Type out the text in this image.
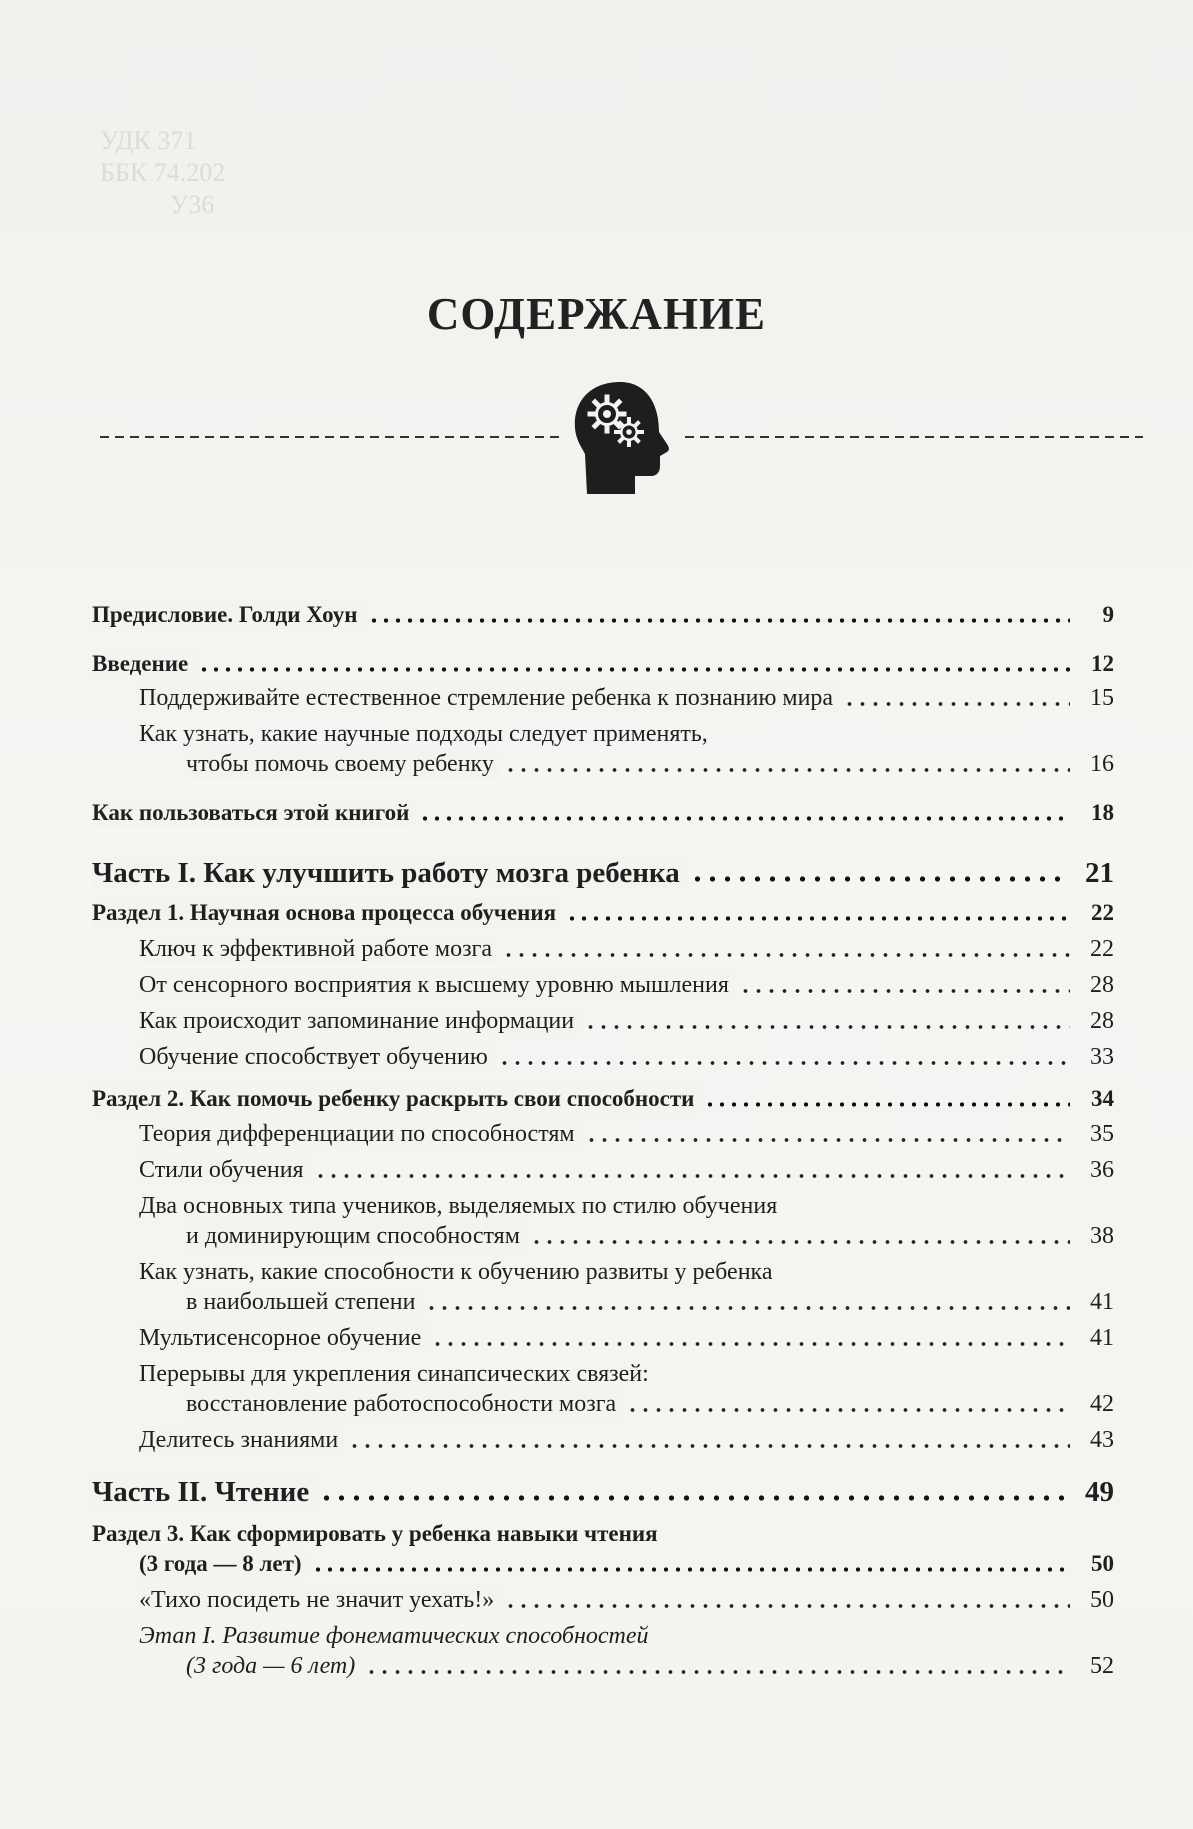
УДК 371
ББК 74.202
У36
СОДЕРЖАНИЕ
Предисловие. Голди Хоун	9
Введение	12
Поддерживайте естественное стремление ребенка к познанию мира	15
Как узнать, какие научные подходы следует применять,
чтобы помочь своему ребенку	16
Как пользоваться этой книгой	18
Часть I. Как улучшить работу мозга ребенка	21
Раздел 1. Научная основа процесса обучения	22
Ключ к эффективной работе мозга	22
От сенсорного восприятия к высшему уровню мышления	28
Как происходит запоминание информации	28
Обучение способствует обучению	33
Раздел 2. Как помочь ребенку раскрыть свои способности	34
Теория дифференциации по способностям	35
Стили обучения	36
Два основных типа учеников, выделяемых по стилю обучения
и доминирующим способностям	38
Как узнать, какие способности к обучению развиты у ребенка
в наибольшей степени	41
Мультисенсорное обучение	41
Перерывы для укрепления синапсических связей:
восстановление работоспособности мозга	42
Делитесь знаниями	43
Часть II. Чтение	49
Раздел 3. Как сформировать у ребенка навыки чтения
(3 года — 8 лет)	50
«Тихо посидеть не значит уехать!»	50
Этап I. Развитие фонематических способностей
(3 года — 6 лет)	52
